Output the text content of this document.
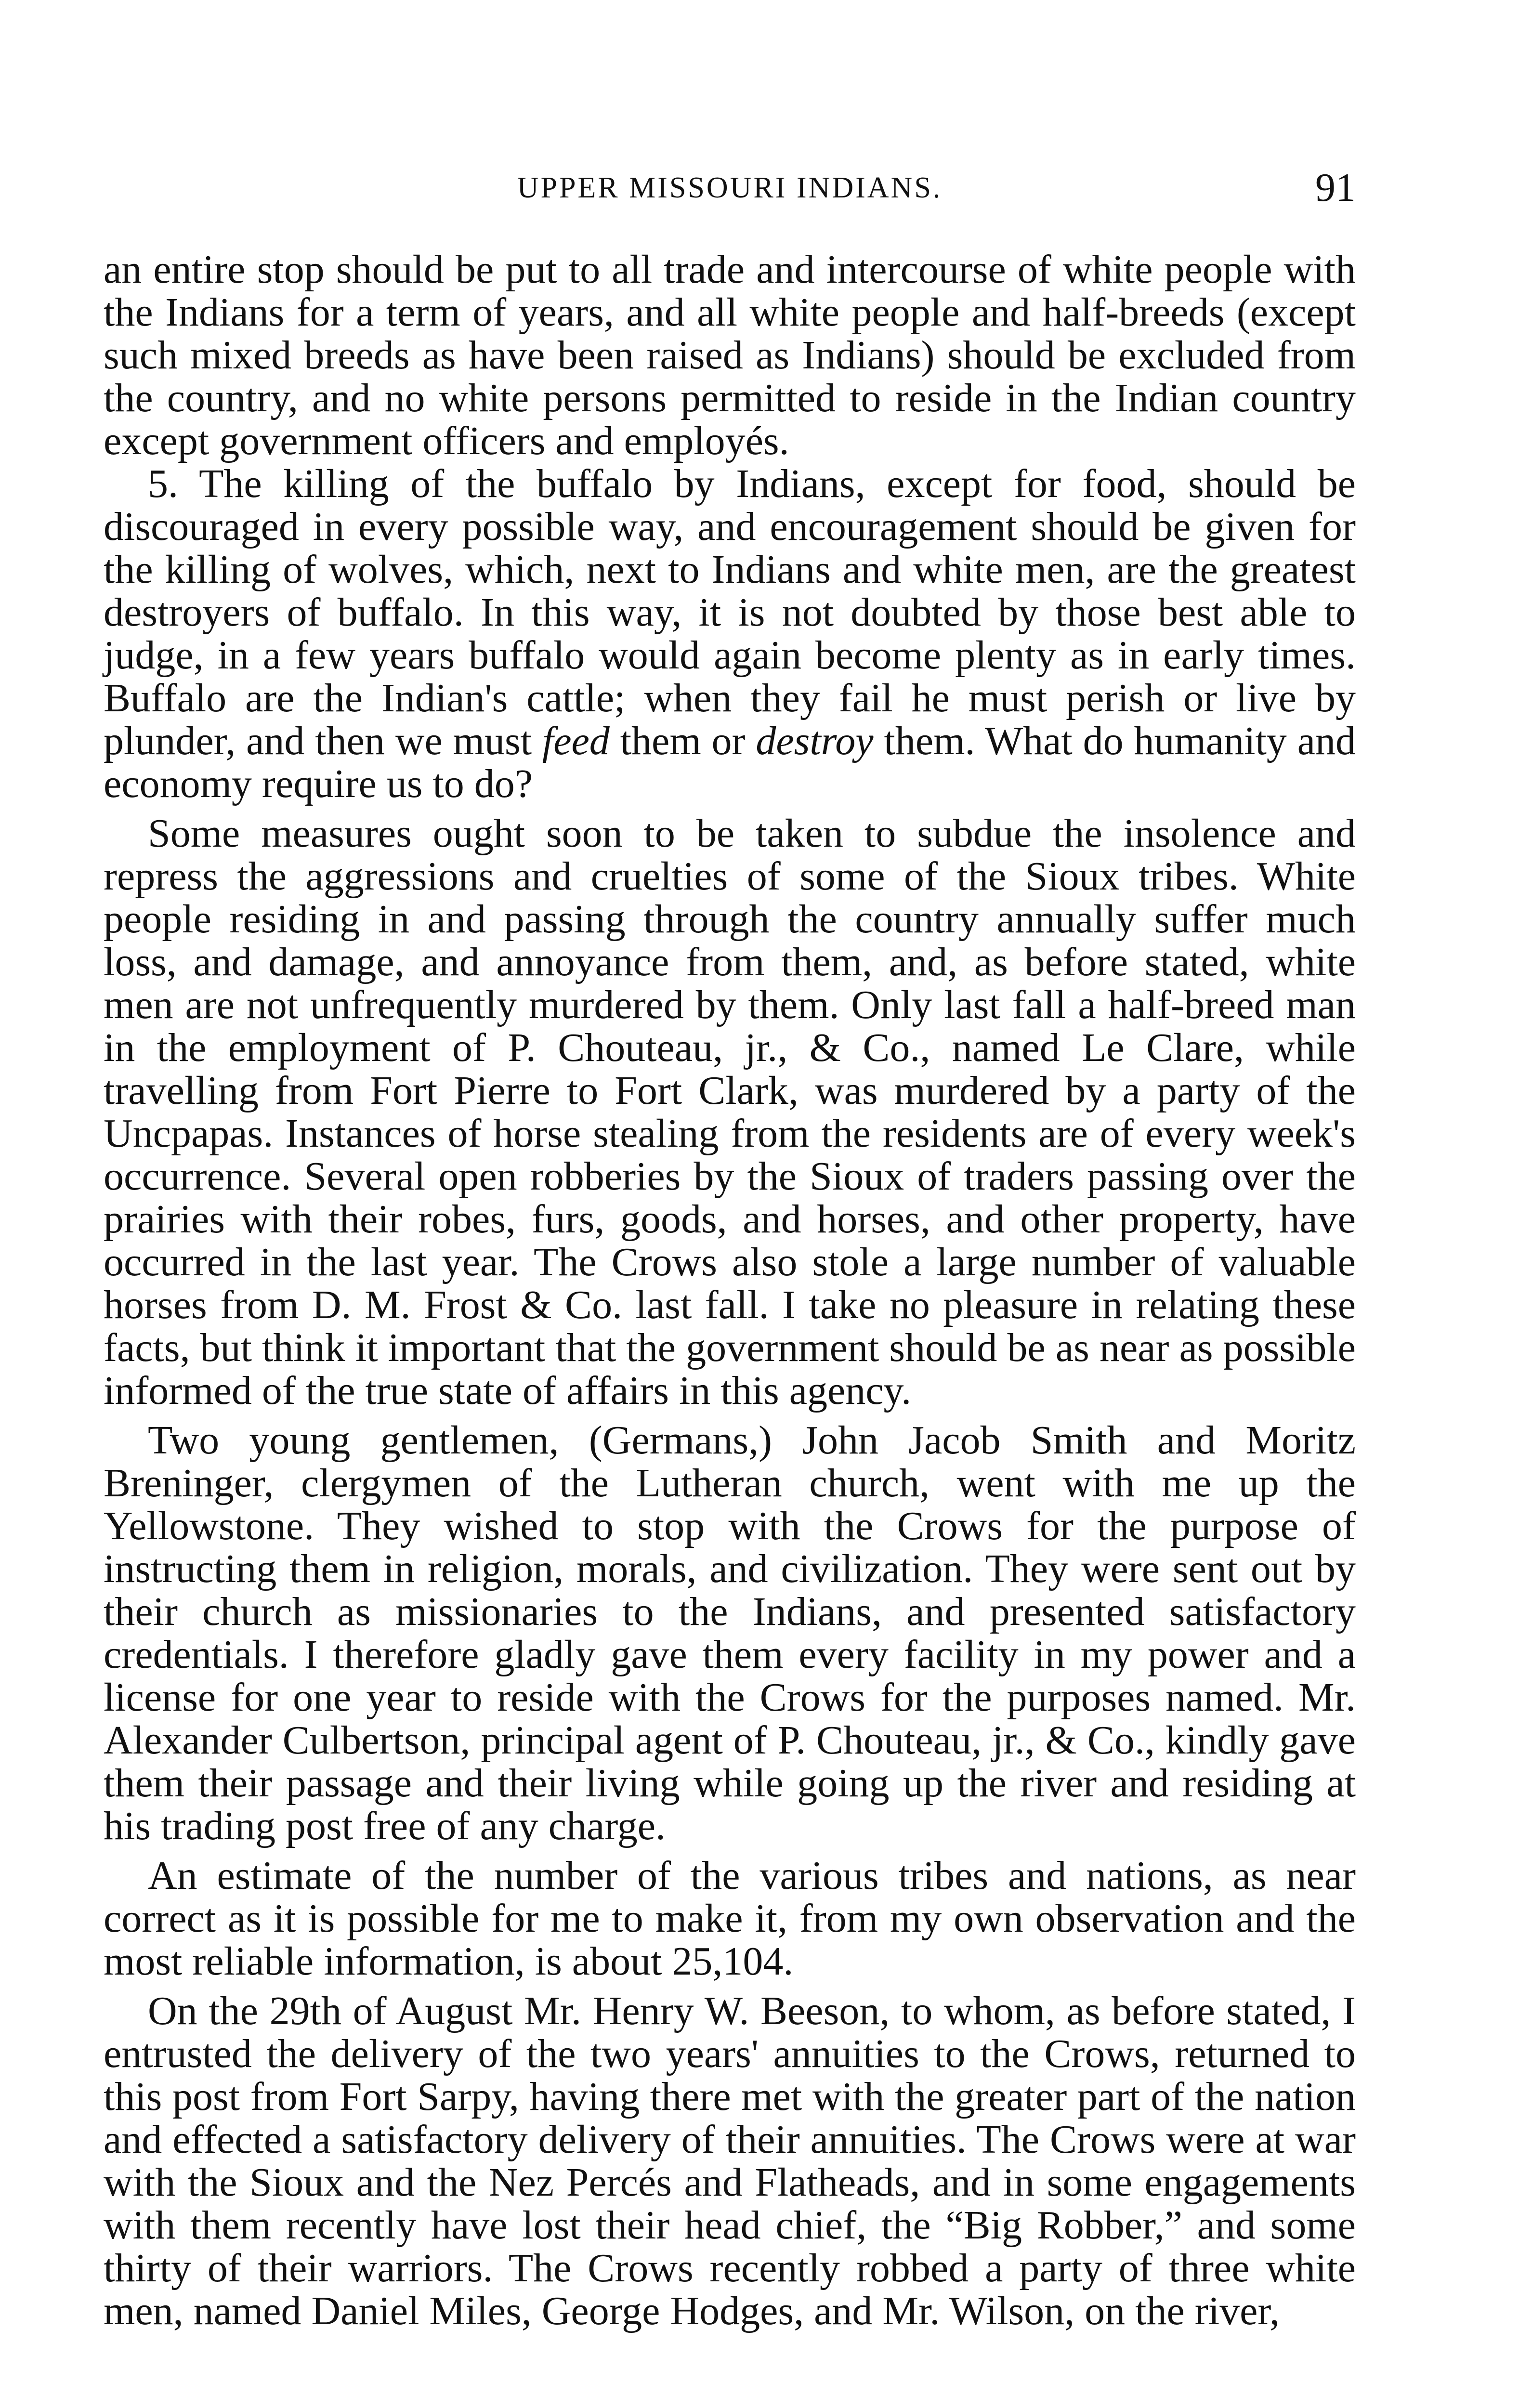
UPPER MISSOURI INDIANS.	91

an entire stop should be put to all trade and intercourse of white people with the Indians for a term of years, and all white people and half-breeds (except such mixed breeds as have been raised as Indians) should be excluded from the country, and no white persons permitted to reside in the Indian country except government officers and employés.

5. The killing of the buffalo by Indians, except for food, should be discouraged in every possible way, and encouragement should be given for the killing of wolves, which, next to Indians and white men, are the greatest destroyers of buffalo. In this way, it is not doubted by those best able to judge, in a few years buffalo would again become plenty as in early times. Buffalo are the Indian's cattle; when they fail he must perish or live by plunder, and then we must feed them or destroy them. What do humanity and economy require us to do?

Some measures ought soon to be taken to subdue the insolence and repress the aggressions and cruelties of some of the Sioux tribes. White people residing in and passing through the country annually suffer much loss, and damage, and annoyance from them, and, as before stated, white men are not unfrequently murdered by them. Only last fall a half-breed man in the employment of P. Chouteau, jr., & Co., named Le Clare, while travelling from Fort Pierre to Fort Clark, was murdered by a party of the Uncpapas. Instances of horse stealing from the residents are of every week's occurrence. Several open robberies by the Sioux of traders passing over the prairies with their robes, furs, goods, and horses, and other property, have occurred in the last year. The Crows also stole a large number of valuable horses from D. M. Frost & Co. last fall. I take no pleasure in relating these facts, but think it important that the government should be as near as possible informed of the true state of affairs in this agency.

Two young gentlemen, (Germans,) John Jacob Smith and Moritz Breninger, clergymen of the Lutheran church, went with me up the Yellowstone. They wished to stop with the Crows for the purpose of instructing them in religion, morals, and civilization. They were sent out by their church as missionaries to the Indians, and presented satisfactory credentials. I therefore gladly gave them every facility in my power and a license for one year to reside with the Crows for the purposes named. Mr. Alexander Culbertson, principal agent of P. Chouteau, jr., & Co., kindly gave them their passage and their living while going up the river and residing at his trading post free of any charge.

An estimate of the number of the various tribes and nations, as near correct as it is possible for me to make it, from my own observation and the most reliable information, is about 25,104.

On the 29th of August Mr. Henry W. Beeson, to whom, as before stated, I entrusted the delivery of the two years' annuities to the Crows, returned to this post from Fort Sarpy, having there met with the greater part of the nation and effected a satisfactory delivery of their annuities. The Crows were at war with the Sioux and the Nez Percés and Flatheads, and in some engagements with them recently have lost their head chief, the “Big Robber,” and some thirty of their warriors. The Crows recently robbed a party of three white men, named Daniel Miles, George Hodges, and Mr. Wilson, on the river,
